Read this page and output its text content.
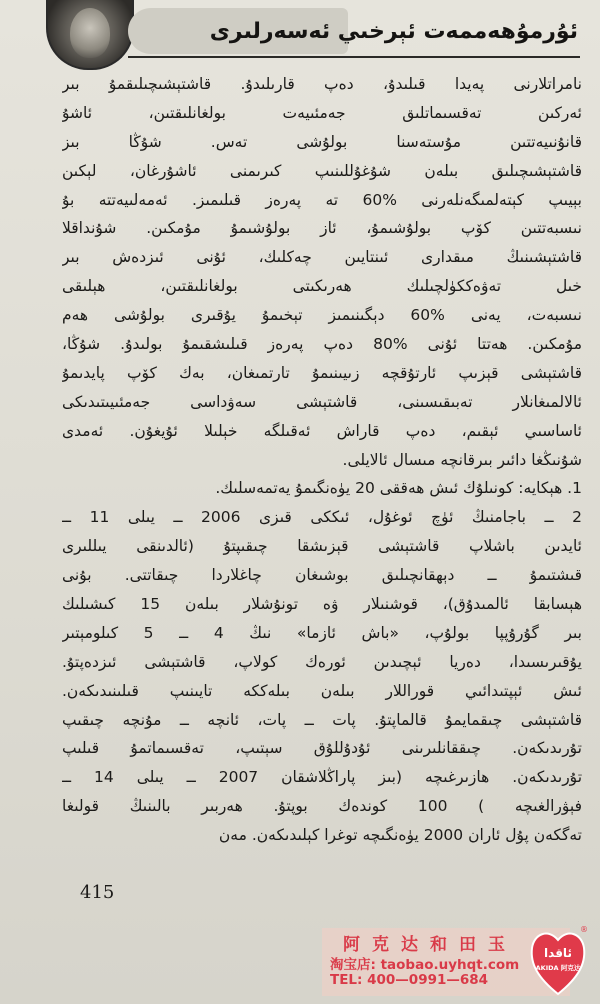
ئۇرمۇھەممەت ئېرخىي ئەسەرلىرى
نامراتلارنى پەيدا قىلىدۇ، دەپ قارىلىدۇ. قاشتېشىچىلىقمۇ بىر
ئەركىن تەقسىماتلىق جەمئىيەت بولغانلىقتىن، ئاشۇ
قانۇنىيەتتىن مۇستەسنا بولۇشى تەس. شۇڭا بىز
قاشتېشىچىلىق بىلەن شۇغۇللىنىپ كىرىمنى ئاشۇرغان، لېكىن
بېيىپ كېتەلمىگەنلەرنى %60 تە پەرەز قىلىمىز. ئەمەلىيەتتە بۇ
نىسبەتتىن كۆپ بولۇشىمۇ، ئاز بولۇشىمۇ مۇمكىن. شۇنداقلا
قاشتېشىنىڭ مىقدارى ئىنتايىن چەكلىك، ئۇنى ئىزدەش بىر
خىل تەۋەككۈلچىلىك ھەرىكىتى بولغانلىقتىن، ھېلىقى
نىسبەت، يەنى %60 دېگىنىمىز تېخىمۇ يۇقىرى بولۇشى ھەم
مۇمكىن. ھەتتا ئۇنى %80 دەپ پەرەز قىلىشقىمۇ بولىدۇ. شۇڭا،
قاشتېشى قېزىپ ئارتۇقچە زىيىنىمۇ تارتمىغان، بەك كۆپ پايدىمۇ
ئالالمىغانلار تەبىقىسىنى، قاشتېشى سەۋداسى جەمئىيىتىدىكى
ئاساسىي ئېقىم، دەپ قاراش ئەقىلگە خېلىلا ئۇيغۇن. ئەمدى
شۇنىڭغا دائىر بىرقانچە مىسال ئالايلى.
1. ھېكايە: كونىلۇك ئىش ھەققى 20 يۈەنگىمۇ يەتمەسلىك.
2 ــ باجامنىڭ ئۈچ ئوغۇل، ئىككى قىزى 2006 ــ يىلى 11 ــ
ئايدىن باشلاپ قاشتېشى قېزىشقا چىقىپتۇ (ئالدىنقى يىللىرى
قىشتىمۇ ــ دېھقانچىلىق بوشىغان چاغلاردا چىقاتتى. بۇنى
ھېسابقا ئالمىدۇق)، قوشنىلار ۋە تونۇشلار بىلەن 15 كىشىلىك
بىر گۇرۇپپا بولۇپ، «باش ئازما» نىڭ 4 ــ 5 كىلومېتىر
يۇقىرىسىدا، دەريا ئېچىدىن ئورەك كولاپ، قاشتېشى ئىزدەپتۇ.
ئىش ئېپتىدائىي قوراللار بىلەن بىلەككە تايىنىپ قىلىنىدىكەن.
قاشتېشى چىقمايمۇ قالماپتۇ. پات ــ پات، ئانچە ــ مۇنچە چىقىپ
تۇرىدىكەن. چىققانلىرىنى ئۇدۇللۇق سېتىپ، تەقسىماتمۇ قىلىپ
تۇرىدىكەن. ھازىرغىچە (بىز پاراڭلاشقان 2007 ــ يىلى 14 ــ
فېۋرالغىچە ) 100 كوندەك بوپتۇ. ھەربىر بالىنىڭ قولىغا
تەگكەن پۇل ئاران 2000 يۈەنگىچە توغرا كېلىدىكەن. مەن
415
阿克达和田玉
淘宝店: taobao.uyhqt.com
TEL: 400—0991—684
ئاقدا
AKIDA 阿克达
®
